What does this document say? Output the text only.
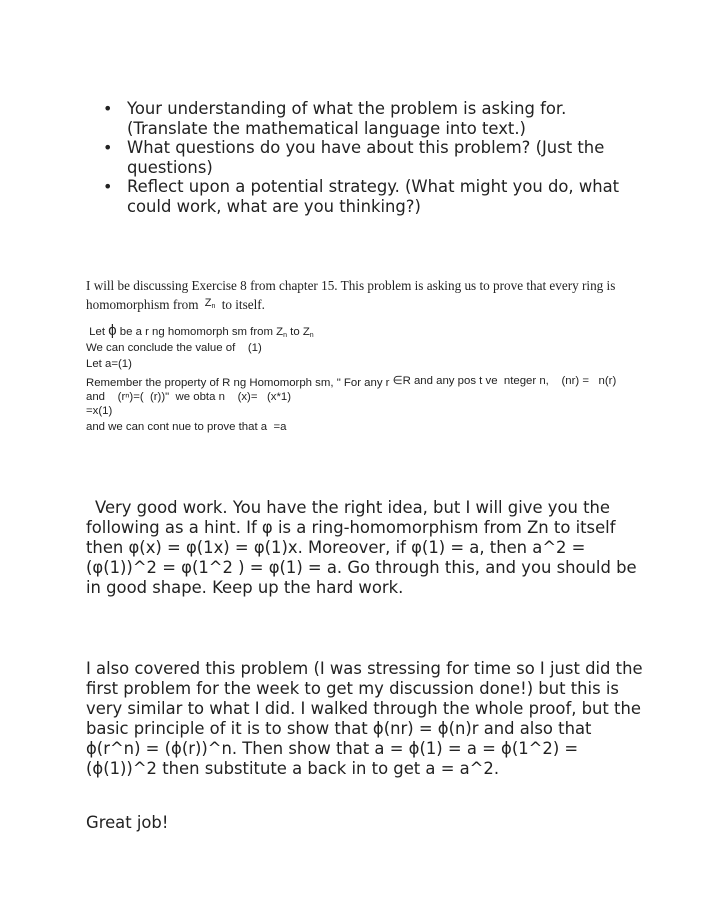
• Your understanding of what the problem is asking for. (Translate the mathematical language into text.)
• What questions do you have about this problem? (Just the questions)
• Reflect upon a potential strategy. (What might you do, what could work, what are you thinking?)

I will be discussing Exercise 8 from chapter 15. This problem is asking us to prove that every ring is homomorphism from $^{Z_n}$ to itself.

Let ϕ be a r ng homomorph sm from Zn to Zn
We can conclude the value of    (1)
Let a=(1)
Remember the property of R ng Homomorph sm, " For any r ∈R and any pos t ve  nteger n,    (nr) =   n(r)
and    (rⁿ)=(  (r))"  we obta n    (x)=   (x*1)
=x(1)
and we can cont nue to prove that a  =a

Very good work. You have the right idea, but I will give you the following as a hint. If φ is a ring-homomorphism from Zn to itself then φ(x) = φ(1x) = φ(1)x. Moreover, if φ(1) = a, then a^2 = (φ(1))^2 = φ(1^2 ) = φ(1) = a. Go through this, and you should be in good shape. Keep up the hard work.

I also covered this problem (I was stressing for time so I just did the first problem for the week to get my discussion done!) but this is very similar to what I did. I walked through the whole proof, but the basic principle of it is to show that ϕ(nr) = ϕ(n)r and also that ϕ(r^n) = (ϕ(r))^n. Then show that a = ϕ(1) = a = ϕ(1^2) = (ϕ(1))^2 then substitute a back in to get a = a^2.

Great job!
